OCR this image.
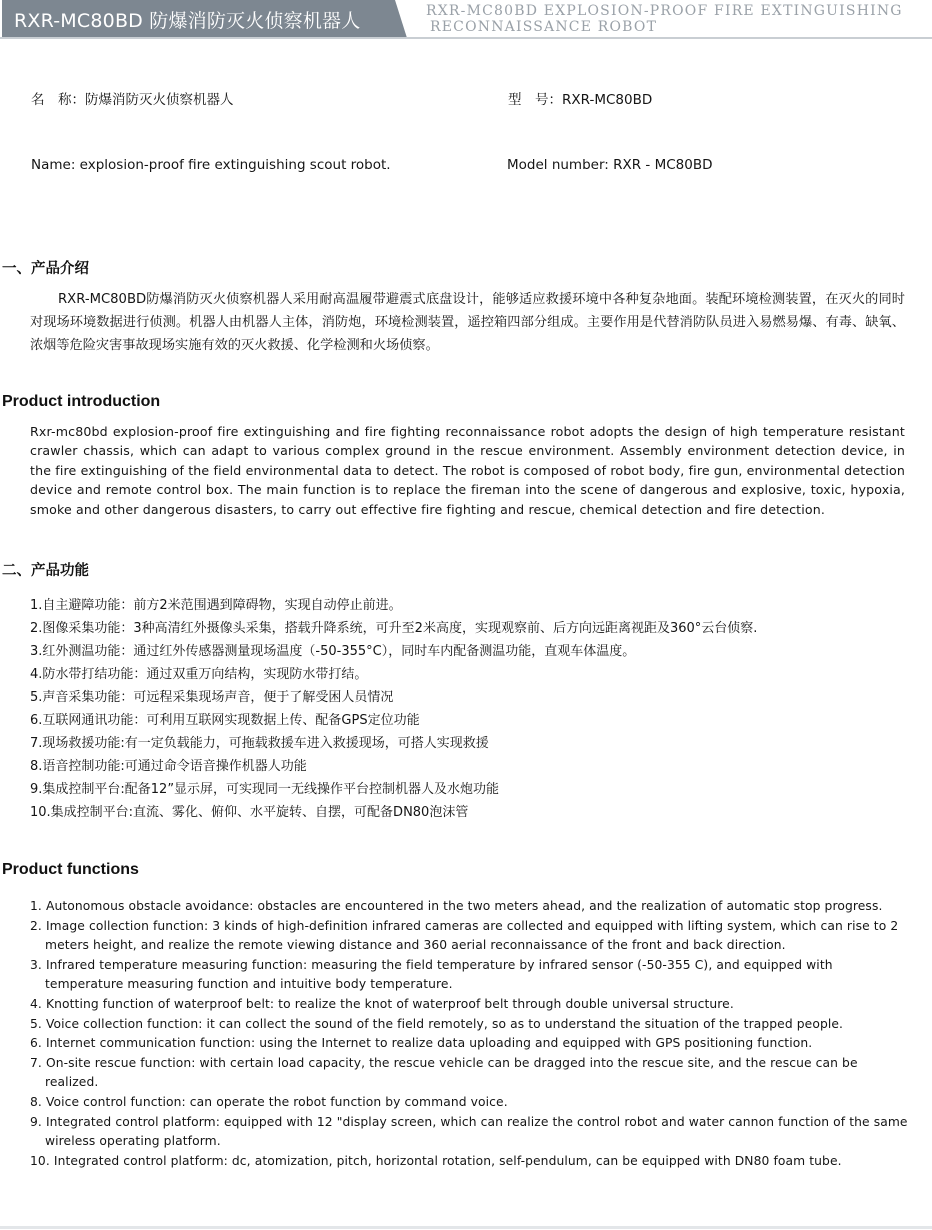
RXR-MC80BD 防爆消防灭火侦察机器人	RXR-MC80BD EXPLOSION-PROOF FIRE EXTINGUISHING
RECONNAISSANCE ROBOT
名　称：防爆消防灭火侦察机器人	型　号：RXR-MC80BD
Name: explosion-proof fire extinguishing scout robot.	Model number: RXR - MC80BD
一、产品介绍
RXR-MC80BD防爆消防灭火侦察机器人采用耐高温履带避震式底盘设计，能够适应救援环境中各种复杂地面。装配环境检测装置，在灭火的同时对现场环境数据进行侦测。机器人由机器人主体，消防炮，环境检测装置，遥控箱四部分组成。主要作用是代替消防队员进入易燃易爆、有毒、缺氧、浓烟等危险灾害事故现场实施有效的灭火救援、化学检测和火场侦察。
Product introduction
Rxr-mc80bd explosion-proof fire extinguishing and fire fighting reconnaissance robot adopts the design of high temperature resistant crawler chassis, which can adapt to various complex ground in the rescue environment. Assembly environment detection device, in the fire extinguishing of the field environmental data to detect. The robot is composed of robot body, fire gun, environmental detection device and remote control box. The main function is to replace the fireman into the scene of dangerous and explosive, toxic, hypoxia, smoke and other dangerous disasters, to carry out effective fire fighting and rescue, chemical detection and fire detection.
二、产品功能
1.自主避障功能：前方2米范围遇到障碍物，实现自动停止前进。
2.图像采集功能：3种高清红外摄像头采集，搭载升降系统，可升至2米高度，实现观察前、后方向远距离视距及360°云台侦察.
3.红外测温功能：通过红外传感器测量现场温度（-50-355°C），同时车内配备测温功能，直观车体温度。
4.防水带打结功能：通过双重万向结构，实现防水带打结。
5.声音采集功能：可远程采集现场声音，便于了解受困人员情况
6.互联网通讯功能：可利用互联网实现数据上传、配备GPS定位功能
7.现场救援功能:有一定负载能力，可拖载救援车进入救援现场，可搭人实现救援
8.语音控制功能:可通过命令语音操作机器人功能
9.集成控制平台:配备12”显示屏，可实现同一无线操作平台控制机器人及水炮功能
10.集成控制平台:直流、雾化、俯仰、水平旋转、自摆，可配备DN80泡沫管
Product functions
1. Autonomous obstacle avoidance: obstacles are encountered in the two meters ahead, and the realization of automatic stop progress.
2. Image collection function: 3 kinds of high-definition infrared cameras are collected and equipped with lifting system, which can rise to 2 meters height, and realize the remote viewing distance and 360 aerial reconnaissance of the front and back direction.
3. Infrared temperature measuring function: measuring the field temperature by infrared sensor (-50-355 C), and equipped with temperature measuring function and intuitive body temperature.
4. Knotting function of waterproof belt: to realize the knot of waterproof belt through double universal structure.
5. Voice collection function: it can collect the sound of the field remotely, so as to understand the situation of the trapped people.
6. Internet communication function: using the Internet to realize data uploading and equipped with GPS positioning function.
7. On-site rescue function: with certain load capacity, the rescue vehicle can be dragged into the rescue site, and the rescue can be realized.
8. Voice control function: can operate the robot function by command voice.
9. Integrated control platform: equipped with 12 "display screen, which can realize the control robot and water cannon function of the same wireless operating platform.
10. Integrated control platform: dc, atomization, pitch, horizontal rotation, self-pendulum, can be equipped with DN80 foam tube.
